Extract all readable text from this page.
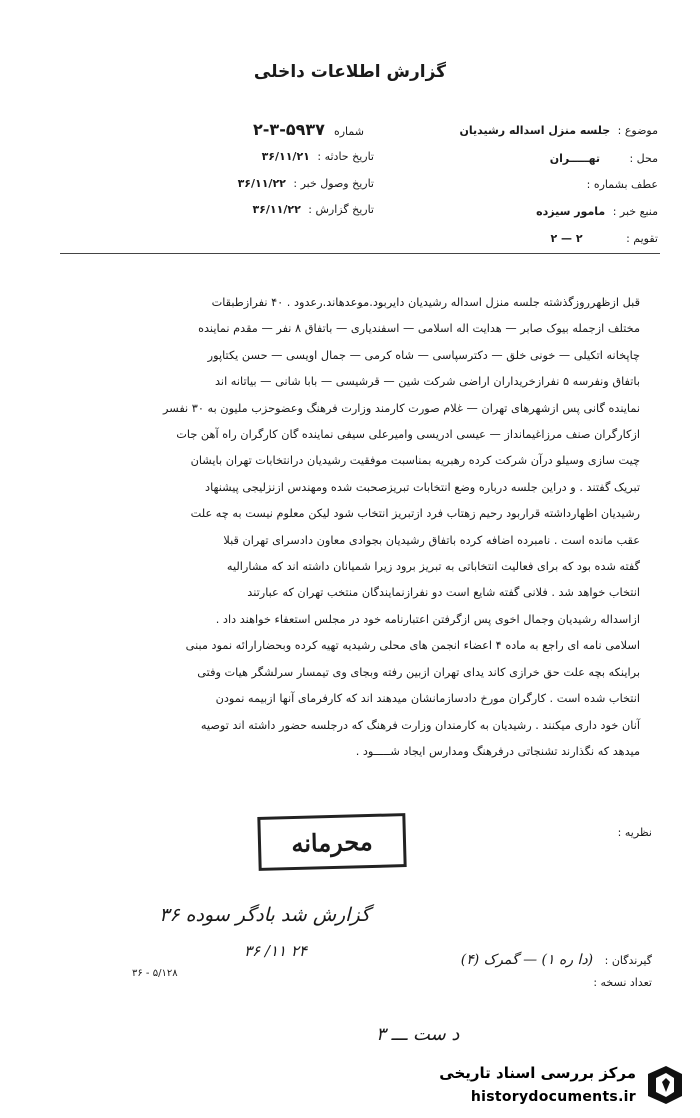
گزارش اطلاعات داخلی
موضوع : جلسه منزل اسداله رشیدیان
شماره ۵۹۳۷-۳-۲
محل : تهـــــران
تاریخ حادثه : ۳۶/۱۱/۲۱
عطف بشماره :
تاریخ وصول خبر : ۳۶/۱۱/۲۲
منبع خبر : مامور سیزده
تاریخ گزارش : ۳۶/۱۱/۲۲
تقویم : ۲ — ۲

قبل ازظهرروزگذشته جلسه منزل اسداله رشیدیان دایربود.موعدهاند.رعدود . ۴۰ نفرازطبقات

مختلف ازجمله بیوک صابر — هدایت اله اسلامی — اسفندیاری — باتفاق ۸ نفر — مقدم نماینده

چاپخانه اتکیلی — خونی خلق — دکترسپاسی — شاه کرمی — جمال اویسی — حسن یکتاپور

باتفاق ونفرسه ۵ نفرازخریداران اراضی شرکت شین — قرشیسی — بابا شانی — بیاتانه اند

نماینده گانی پس ازشهرهای تهران — غلام صورت کارمند وزارت فرهنگ وعضوحزب ملیون به ۳۰ نفسر

ازکارگران صنف مرزاغیمانداز — عیسی ادریسی وامیرعلی سیفی نماینده گان کارگران راه آهن جات

چیت سازی وسیلو درآن شرکت کرده رهبریه بمناسبت موفقیت رشیدیان درانتخابات تهران بایشان

تبریک گفتند . و دراین جلسه درباره وضع انتخابات تبریزصحبت شده ومهندس ازنزلیجی پیشنهاد

رشیدیان اظهارداشته قراربود رحیم زهتاب فرد ازتبریز انتخاب شود لیکن معلوم نیست به چه علت

عقب مانده است . نامبرده اضافه کرده باتفاق رشیدیان بجوادی معاون دادسرای تهران قبلا

گفته شده بود که برای فعالیت انتخاباتی به تبریز برود زیرا شمیانان داشته اند که مشارالیه

انتخاب خواهد شد . فلانی گفته شایع است دو نفرازنمایندگان منتخب تهران که عبارتند

ازاسداله رشیدیان وجمال اخوی پس ازگرفتن اعتبارنامه خود در مجلس استعفاء خواهند داد .

اسلامی نامه ای راجع به ماده ۴ اعضاء انجمن های محلی رشیدیه تهیه کرده وبحضارارائه نمود مبنی

براینکه بچه علت حق خرازی کاند یدای تهران ازبین رفته وبجای وی تیمسار سرلشگر هیات وفتی

انتخاب شده است . کارگران مورخ دادسازمانشان میدهند اند که کارفرمای آنها ازبیمه نمودن

آنان خود داری میکنند . رشیدیان به کارمندان وزارت فرهنگ که درجلسه حضور داشته اند توصیه

میدهد که نگذارند تشنجاتی درفرهنگ ومدارس ایجاد شـــــود .

نظریه :
محرمانه
گزارش شد بادگر سوده ۳۶
۲۴ ۱۱/ ۳۶
گیرندگان : (دا ره ۱) — گمرک (۴)
تعداد نسخه :
۵/۱۲۸ - ۳۶
د ست ـــ ۳
مرکز بررسی اسناد تاریخی
historydocuments.ir
